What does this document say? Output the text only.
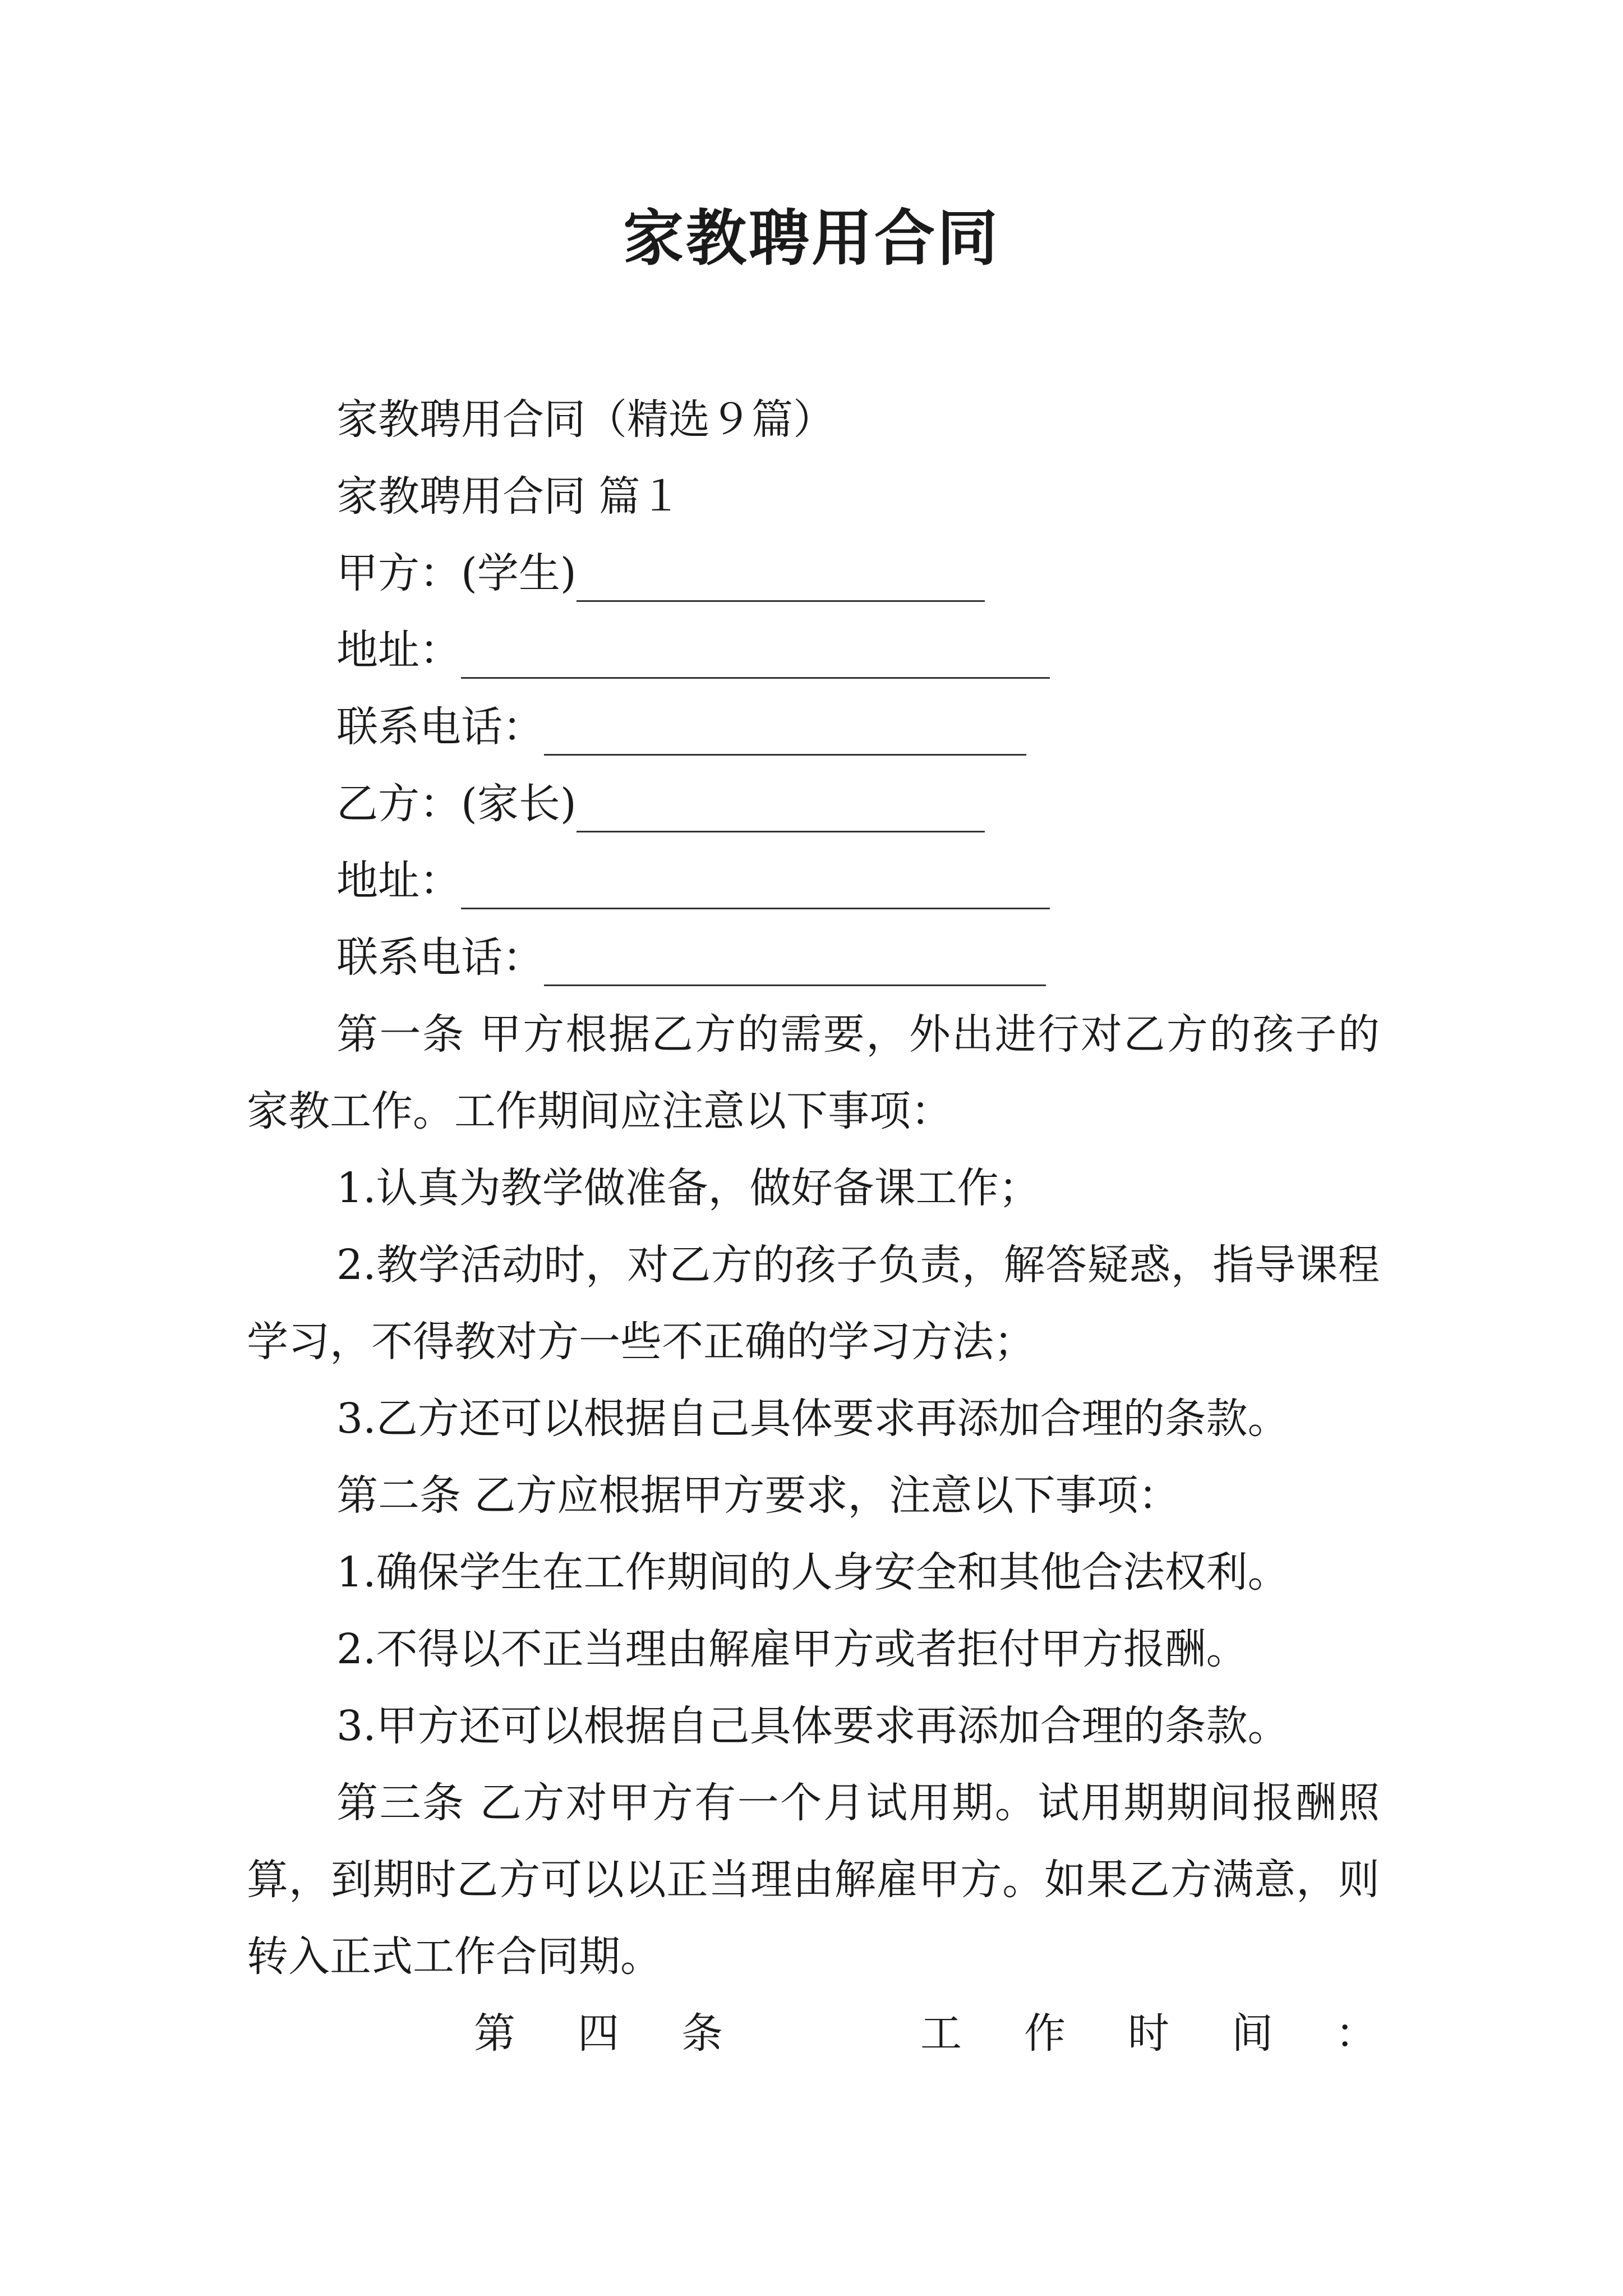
家教聘用合同

家教聘用合同（精选９篇）

家教聘用合同 篇１

甲方：(学生)

地址：

联系电话：

乙方：(家长)

地址：

联系电话：

第一条 甲方根据乙方的需要，外出进行对乙方的孩子的家教工作。工作期间应注意以下事项：

1.认真为教学做准备，做好备课工作；

2.教学活动时，对乙方的孩子负责，解答疑惑，指导课程学习，不得教对方一些不正确的学习方法；

3.乙方还可以根据自己具体要求再添加合理的条款。

第二条 乙方应根据甲方要求，注意以下事项：

1.确保学生在工作期间的人身安全和其他合法权利。

2.不得以不正当理由解雇甲方或者拒付甲方报酬。

3.甲方还可以根据自己具体要求再添加合理的条款。

第三条 乙方对甲方有一个月试用期。试用期期间报酬照算，到期时乙方可以以正当理由解雇甲方。如果乙方满意，则转入正式工作合同期。

第 四 条	工 作 时 间 ：
